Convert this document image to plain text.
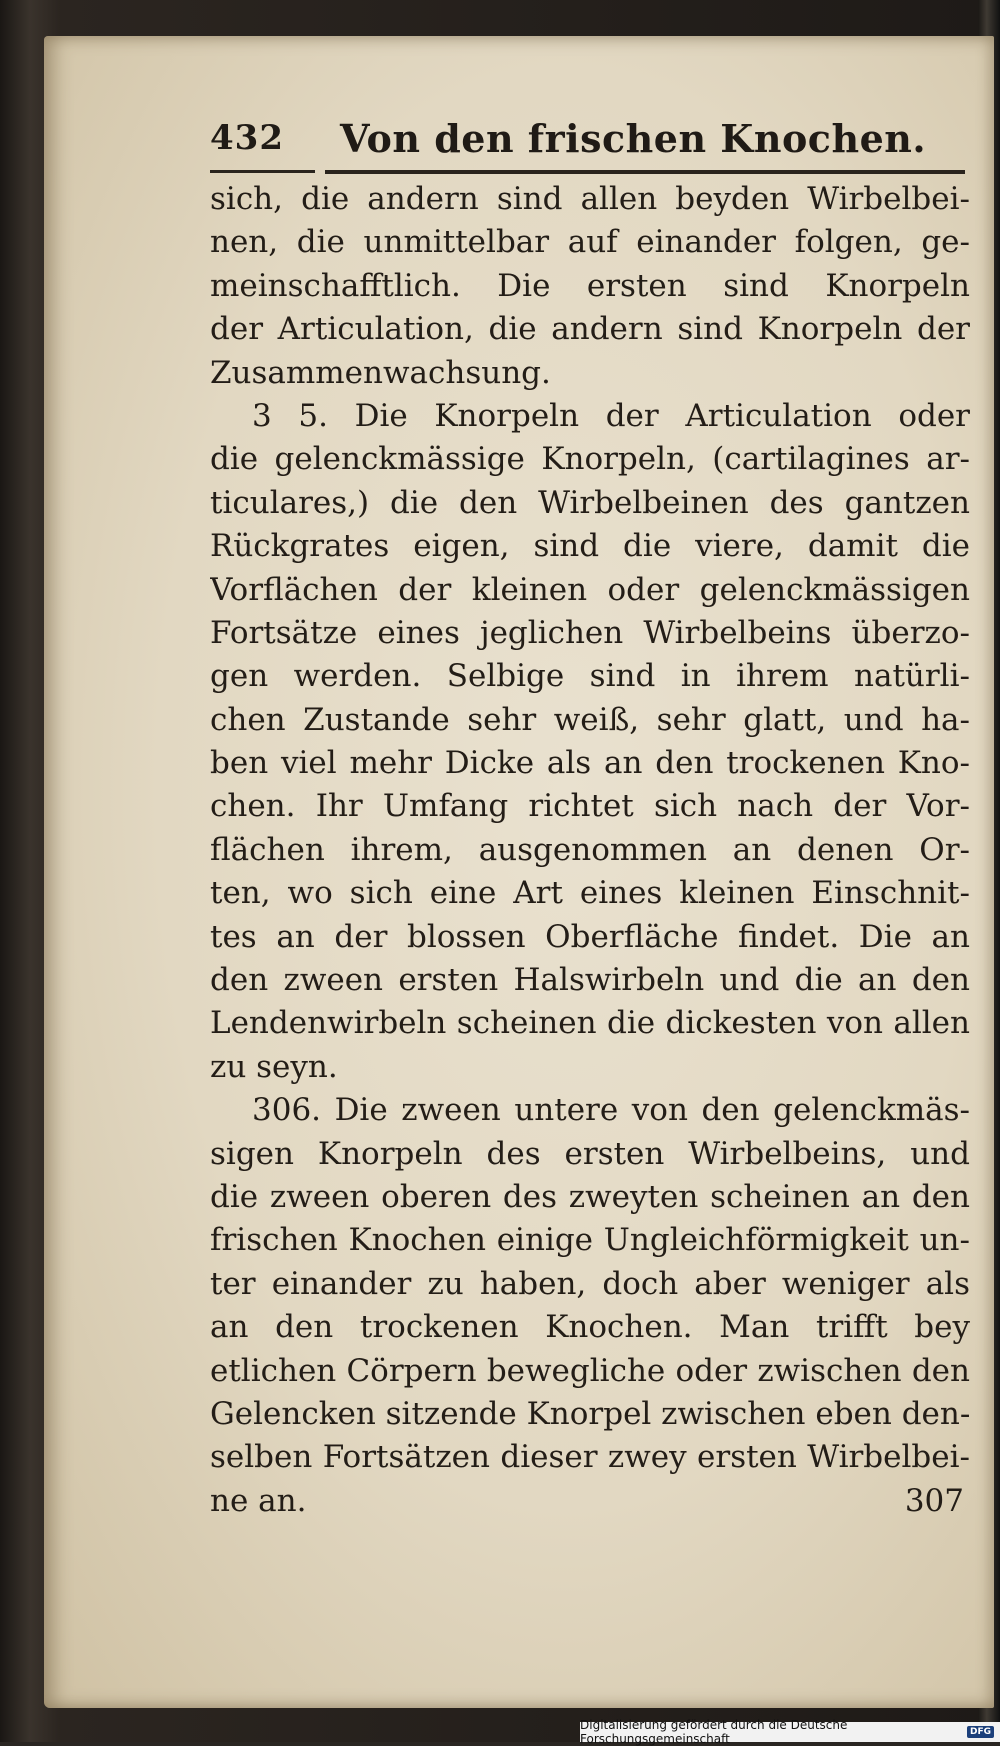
432 Von den frischen Knochen.
sich, die andern sind allen beyden Wirbelbei-
nen, die unmittelbar auf einander folgen, ge-
meinschafftlich. Die ersten sind Knorpeln
der Articulation, die andern sind Knorpeln der
Zusammenwachsung.
3 5. Die Knorpeln der Articulation oder
die gelenckmässige Knorpeln, (cartilagines ar-
ticulares,) die den Wirbelbeinen des gantzen
Rückgrates eigen, sind die viere, damit die
Vorflächen der kleinen oder gelenckmässigen
Fortsätze eines jeglichen Wirbelbeins überzo-
gen werden. Selbige sind in ihrem natürli-
chen Zustande sehr weiß, sehr glatt, und ha-
ben viel mehr Dicke als an den trockenen Kno-
chen. Ihr Umfang richtet sich nach der Vor-
flächen ihrem, ausgenommen an denen Or-
ten, wo sich eine Art eines kleinen Einschnit-
tes an der blossen Oberfläche findet. Die an
den zween ersten Halswirbeln und die an den
Lendenwirbeln scheinen die dickesten von allen
zu seyn.
306. Die zween untere von den gelenckmäs-
sigen Knorpeln des ersten Wirbelbeins, und
die zween oberen des zweyten scheinen an den
frischen Knochen einige Ungleichförmigkeit un-
ter einander zu haben, doch aber weniger als
an den trockenen Knochen. Man trifft bey
etlichen Cörpern bewegliche oder zwischen den
Gelencken sitzende Knorpel zwischen eben den-
selben Fortsätzen dieser zwey ersten Wirbelbei-
ne an.	307
Digitalisierung gefördert durch die Deutsche Forschungsgemeinschaft	DFG
